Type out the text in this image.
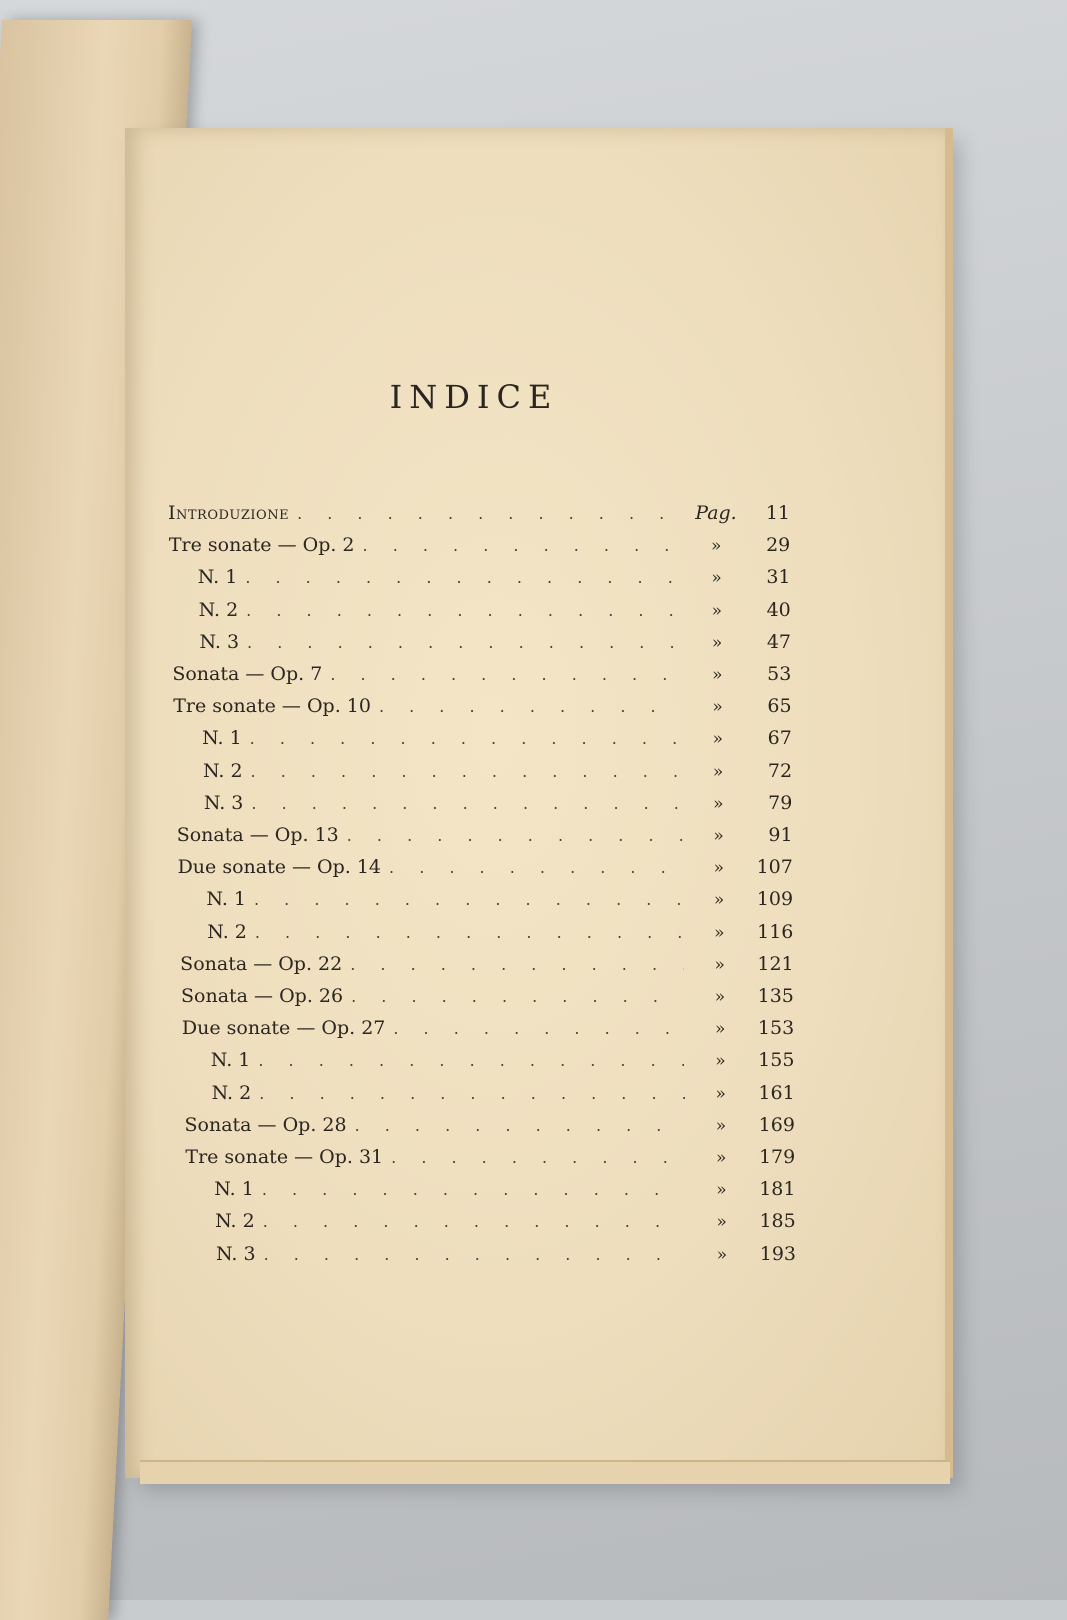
INDICE
Introduzione . . .	Pag.	11
Tre sonate — Op. 2 . . .	»	29
N. 1 . . .	»	31
N. 2 . . .	»	40
N. 3 . . .	»	47
Sonata — Op. 7 . . .	»	53
Tre sonate — Op. 10 . . .	»	65
N. 1 . . .	»	67
N. 2 . . .	»	72
N. 3 . . .	»	79
Sonata — Op. 13 . . .	»	91
Due sonate — Op. 14 . . .	»	107
N. 1 . . .	»	109
N. 2 . . .	»	116
Sonata — Op. 22 . . .	»	121
Sonata — Op. 26 . . .	»	135
Due sonate — Op. 27 . . .	»	153
N. 1 . . .	»	155
N. 2 . . .	»	161
Sonata — Op. 28 . . .	»	169
Tre sonate — Op. 31 . . .	»	179
N. 1 . . .	»	181
N. 2 . . .	»	185
N. 3 . . .	»	193
